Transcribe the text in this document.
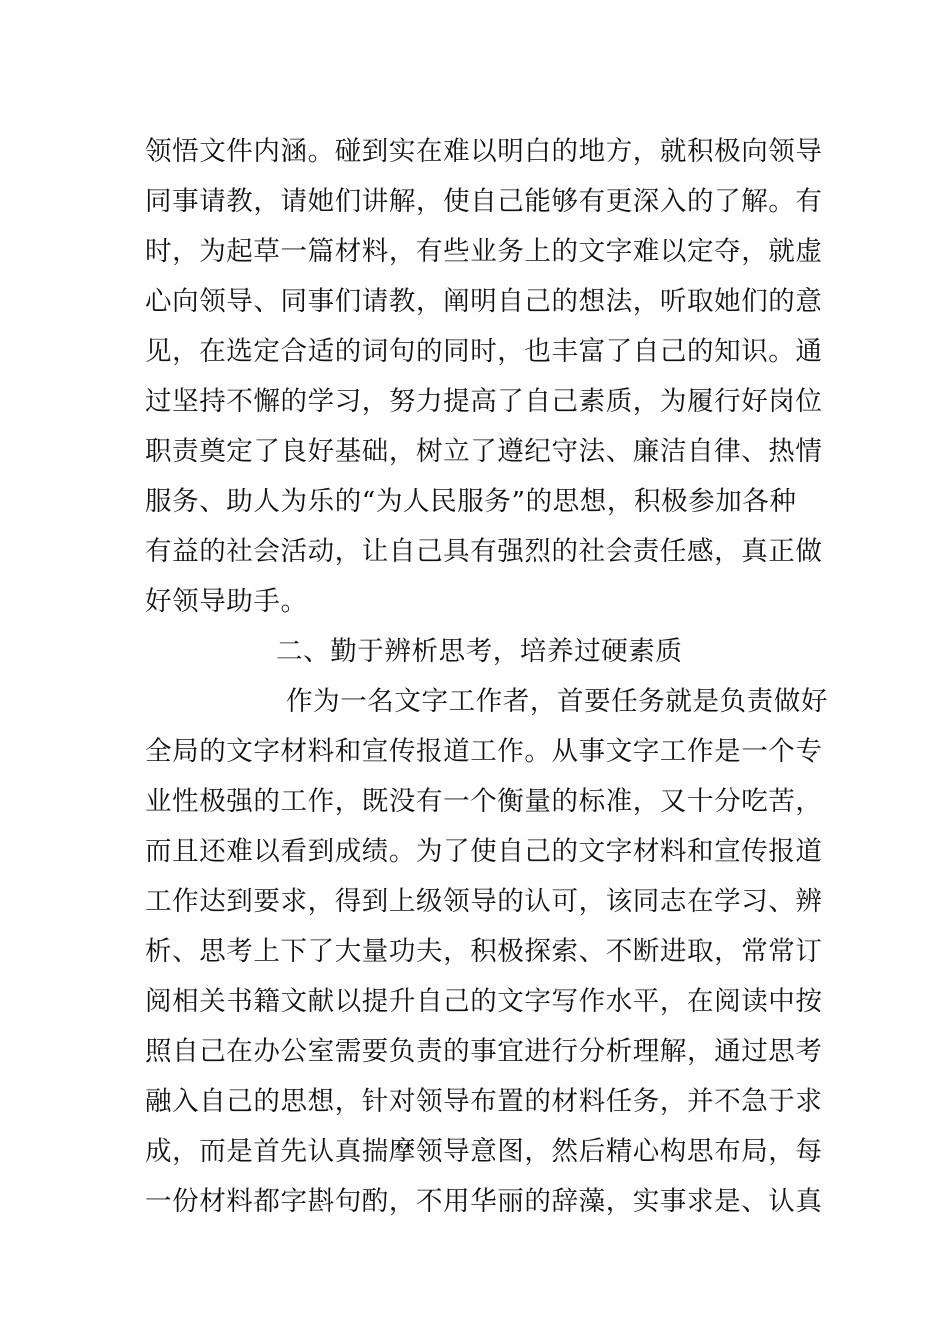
领悟文件内涵。碰到实在难以明白的地方，就积极向领导
同事请教，请她们讲解，使自己能够有更深入的了解。有
时，为起草一篇材料，有些业务上的文字难以定夺，就虚
心向领导、同事们请教，阐明自己的想法，听取她们的意
见，在选定合适的词句的同时，也丰富了自己的知识。通
过坚持不懈的学习，努力提高了自己素质，为履行好岗位
职责奠定了良好基础，树立了遵纪守法、廉洁自律、热情
服务、助人为乐的“为人民服务”的思想，积极参加各种
有益的社会活动，让自己具有强烈的社会责任感，真正做
好领导助手。
二、勤于辨析思考，培养过硬素质
作为一名文字工作者，首要任务就是负责做好
全局的文字材料和宣传报道工作。从事文字工作是一个专
业性极强的工作，既没有一个衡量的标准，又十分吃苦，
而且还难以看到成绩。为了使自己的文字材料和宣传报道
工作达到要求，得到上级领导的认可，该同志在学习、辨
析、思考上下了大量功夫，积极探索、不断进取，常常订
阅相关书籍文献以提升自己的文字写作水平，在阅读中按
照自己在办公室需要负责的事宜进行分析理解，通过思考
融入自己的思想，针对领导布置的材料任务，并不急于求
成，而是首先认真揣摩领导意图，然后精心构思布局，每
一份材料都字斟句酌，不用华丽的辞藻，实事求是、认真
